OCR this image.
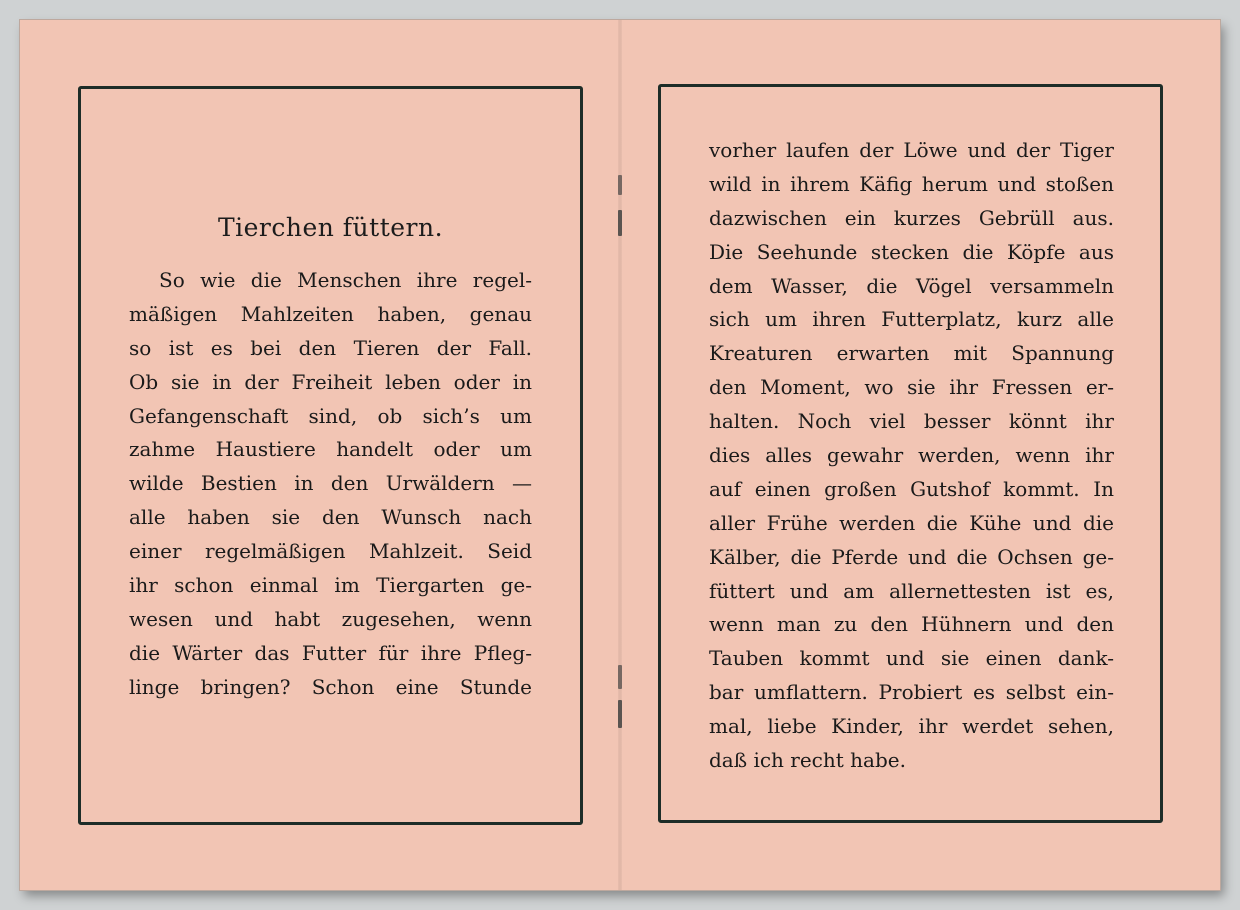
Tierchen füttern.
So wie die Menschen ihre regel-
mäßigen Mahlzeiten haben, genau
so ist es bei den Tieren der Fall.
Ob sie in der Freiheit leben oder in
Gefangenschaft sind, ob sich’s um
zahme Haustiere handelt oder um
wilde Bestien in den Urwäldern —
alle haben sie den Wunsch nach
einer regelmäßigen Mahlzeit. Seid
ihr schon einmal im Tiergarten ge-
wesen und habt zugesehen, wenn
die Wärter das Futter für ihre Pfleg-
linge bringen? Schon eine Stunde
vorher laufen der Löwe und der Tiger
wild in ihrem Käfig herum und stoßen
dazwischen ein kurzes Gebrüll aus.
Die Seehunde stecken die Köpfe aus
dem Wasser, die Vögel versammeln
sich um ihren Futterplatz, kurz alle
Kreaturen erwarten mit Spannung
den Moment, wo sie ihr Fressen er-
halten. Noch viel besser könnt ihr
dies alles gewahr werden, wenn ihr
auf einen großen Gutshof kommt. In
aller Frühe werden die Kühe und die
Kälber, die Pferde und die Ochsen ge-
füttert und am allernettesten ist es,
wenn man zu den Hühnern und den
Tauben kommt und sie einen dank-
bar umflattern. Probiert es selbst ein-
mal, liebe Kinder, ihr werdet sehen,
daß ich recht habe.
